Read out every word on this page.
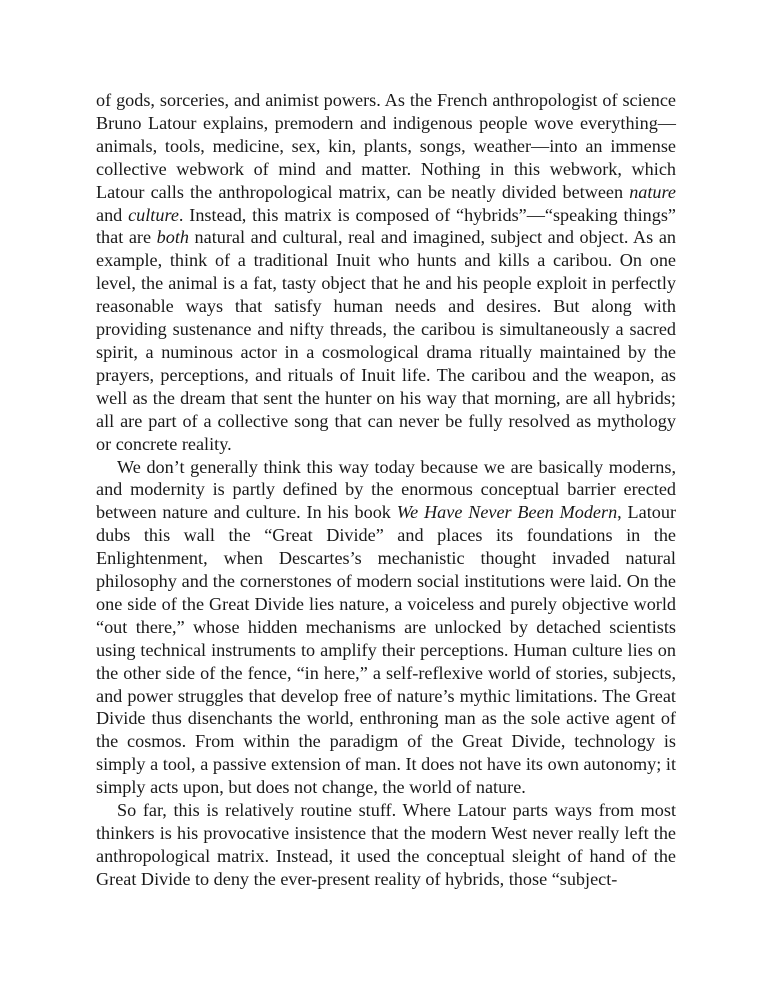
of gods, sorceries, and animist powers. As the French anthropologist of science Bruno Latour explains, premodern and indigenous people wove everything—animals, tools, medicine, sex, kin, plants, songs, weather—into an immense collective webwork of mind and matter. Nothing in this webwork, which Latour calls the anthropological matrix, can be neatly divided between nature and culture. Instead, this matrix is composed of “hybrids”—“speaking things” that are both natural and cultural, real and imagined, subject and object. As an example, think of a traditional Inuit who hunts and kills a caribou. On one level, the animal is a fat, tasty object that he and his people exploit in perfectly reasonable ways that satisfy human needs and desires. But along with providing sustenance and nifty threads, the caribou is simultaneously a sacred spirit, a numinous actor in a cosmological drama ritually maintained by the prayers, perceptions, and rituals of Inuit life. The caribou and the weapon, as well as the dream that sent the hunter on his way that morning, are all hybrids; all are part of a collective song that can never be fully resolved as mythology or concrete reality.

We don’t generally think this way today because we are basically moderns, and modernity is partly defined by the enormous conceptual barrier erected between nature and culture. In his book We Have Never Been Modern, Latour dubs this wall the “Great Divide” and places its foundations in the Enlightenment, when Descartes’s mechanistic thought invaded natural philosophy and the cornerstones of modern social institutions were laid. On the one side of the Great Divide lies nature, a voiceless and purely objective world “out there,” whose hidden mechanisms are unlocked by detached scientists using technical instruments to amplify their perceptions. Human culture lies on the other side of the fence, “in here,” a self-reflexive world of stories, subjects, and power struggles that develop free of nature’s mythic limitations. The Great Divide thus disenchants the world, enthroning man as the sole active agent of the cosmos. From within the paradigm of the Great Divide, technology is simply a tool, a passive extension of man. It does not have its own autonomy; it simply acts upon, but does not change, the world of nature.

So far, this is relatively routine stuff. Where Latour parts ways from most thinkers is his provocative insistence that the modern West never really left the anthropological matrix. Instead, it used the conceptual sleight of hand of the Great Divide to deny the ever-present reality of hybrids, those “subject-
